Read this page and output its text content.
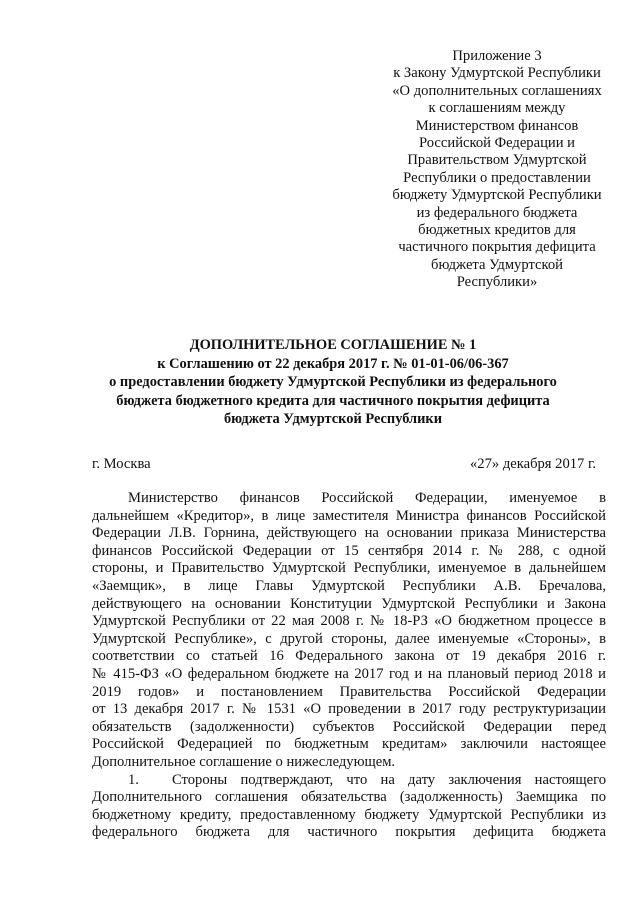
Приложение 3
к Закону Удмуртской Республики
«О дополнительных соглашениях
к соглашениям между
Министерством финансов
Российской Федерации и
Правительством Удмуртской
Республики о предоставлении
бюджету Удмуртской Республики
из федерального бюджета
бюджетных кредитов для
частичного покрытия дефицита
бюджета Удмуртской
Республики»
ДОПОЛНИТЕЛЬНОЕ СОГЛАШЕНИЕ № 1
к Соглашению от 22 декабря 2017 г. № 01-01-06/06-367
о предоставлении бюджету Удмуртской Республики из федерального
бюджета бюджетного кредита для частичного покрытия дефицита
бюджета Удмуртской Республики
г. Москва	«27» декабря 2017 г.
Министерство финансов Российской Федерации, именуемое в
дальнейшем «Кредитор», в лице заместителя Министра финансов Российской
Федерации Л.В. Горнина, действующего на основании приказа Министерства
финансов Российской Федерации от 15 сентября 2014 г. № 288, с одной
стороны, и Правительство Удмуртской Республики, именуемое в дальнейшем
«Заемщик», в лице Главы Удмуртской Республики А.В. Бречалова,
действующего на основании Конституции Удмуртской Республики и Закона
Удмуртской Республики от 22 мая 2008 г. № 18-РЗ «О бюджетном процессе в
Удмуртской Республике», с другой стороны, далее именуемые «Стороны», в
соответствии со статьей 16 Федерального закона от 19 декабря 2016 г.
№ 415-ФЗ «О федеральном бюджете на 2017 год и на плановый период 2018 и
2019 годов» и постановлением Правительства Российской Федерации
от 13 декабря 2017 г. № 1531 «О проведении в 2017 году реструктуризации
обязательств (задолженности) субъектов Российской Федерации перед
Российской Федерацией по бюджетным кредитам» заключили настоящее
Дополнительное соглашение о нижеследующем.
1. Стороны подтверждают, что на дату заключения настоящего
Дополнительного соглашения обязательства (задолженность) Заемщика по
бюджетному кредиту, предоставленному бюджету Удмуртской Республики из
федерального бюджета для частичного покрытия дефицита бюджета
